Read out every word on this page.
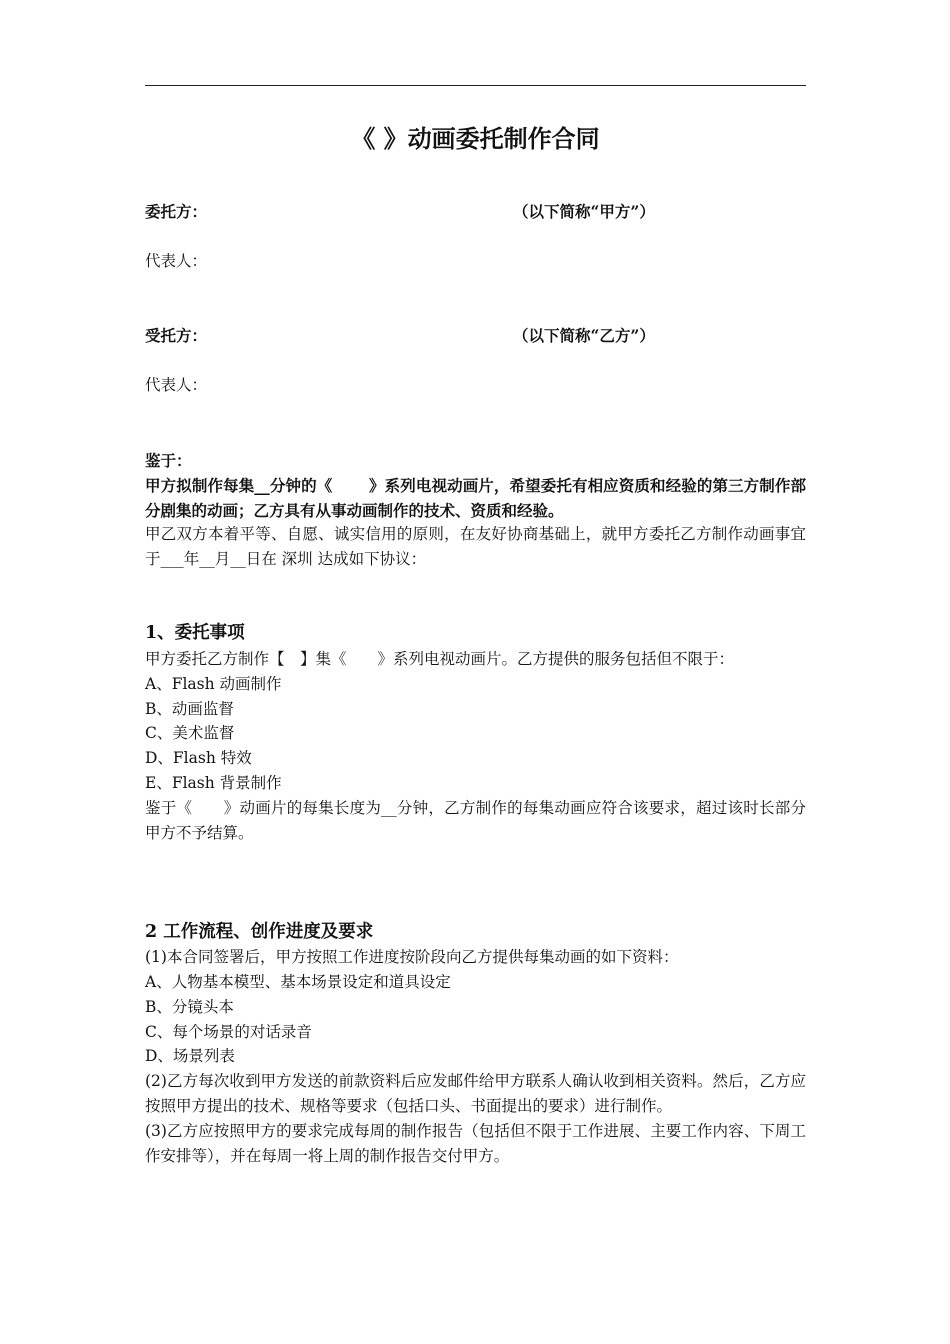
《 》动画委托制作合同
委托方：	（以下简称“甲方”）
代表人：
受托方：	（以下简称“乙方”）
代表人：
鉴于：
甲方拟制作每集__分钟的《　　 》系列电视动画片，希望委托有相应资质和经验的第三方制作部分剧集的动画；乙方具有从事动画制作的技术、资质和经验。
甲乙双方本着平等、自愿、诚实信用的原则，在友好协商基础上，就甲方委托乙方制作动画事宜于___年__月__日在 深圳 达成如下协议：
1、委托事项
甲方委托乙方制作【　】集《　　》系列电视动画片。乙方提供的服务包括但不限于：
A、Flash 动画制作
B、动画监督
C、美术监督
D、Flash 特效
E、Flash 背景制作
鉴于《　　》动画片的每集长度为__分钟，乙方制作的每集动画应符合该要求，超过该时长部分甲方不予结算。
2 工作流程、创作进度及要求
(1)本合同签署后，甲方按照工作进度按阶段向乙方提供每集动画的如下资料：
A、人物基本模型、基本场景设定和道具设定
B、分镜头本
C、每个场景的对话录音
D、场景列表
(2)乙方每次收到甲方发送的前款资料后应发邮件给甲方联系人确认收到相关资料。然后，乙方应按照甲方提出的技术、规格等要求（包括口头、书面提出的要求）进行制作。
(3)乙方应按照甲方的要求完成每周的制作报告（包括但不限于工作进展、主要工作内容、下周工作安排等），并在每周一将上周的制作报告交付甲方。
